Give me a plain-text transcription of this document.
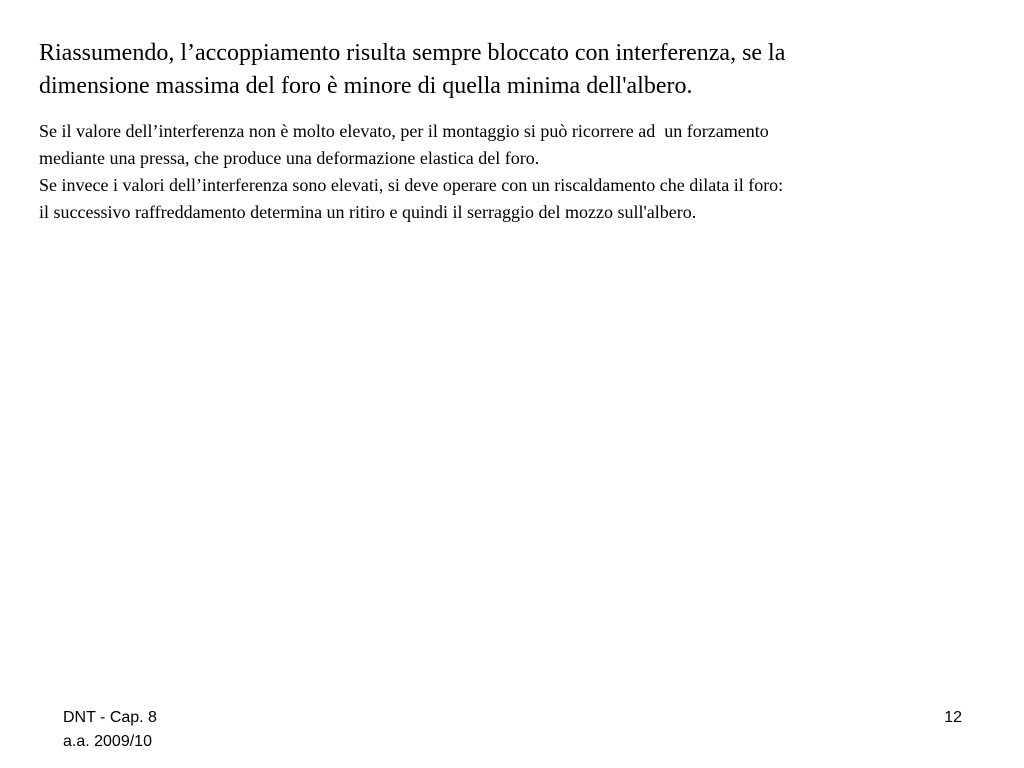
Riassumendo, l’accoppiamento risulta sempre bloccato con interferenza, se la
dimensione massima del foro è minore di quella minima dell'albero.
Se il valore dell’interferenza non è molto elevato, per il montaggio si può ricorrere ad  un forzamento
mediante una pressa, che produce una deformazione elastica del foro.
Se invece i valori dell’interferenza sono elevati, si deve operare con un riscaldamento che dilata il foro:
il successivo raffreddamento determina un ritiro e quindi il serraggio del mozzo sull'albero.
DNT - Cap. 8
a.a. 2009/10
12
